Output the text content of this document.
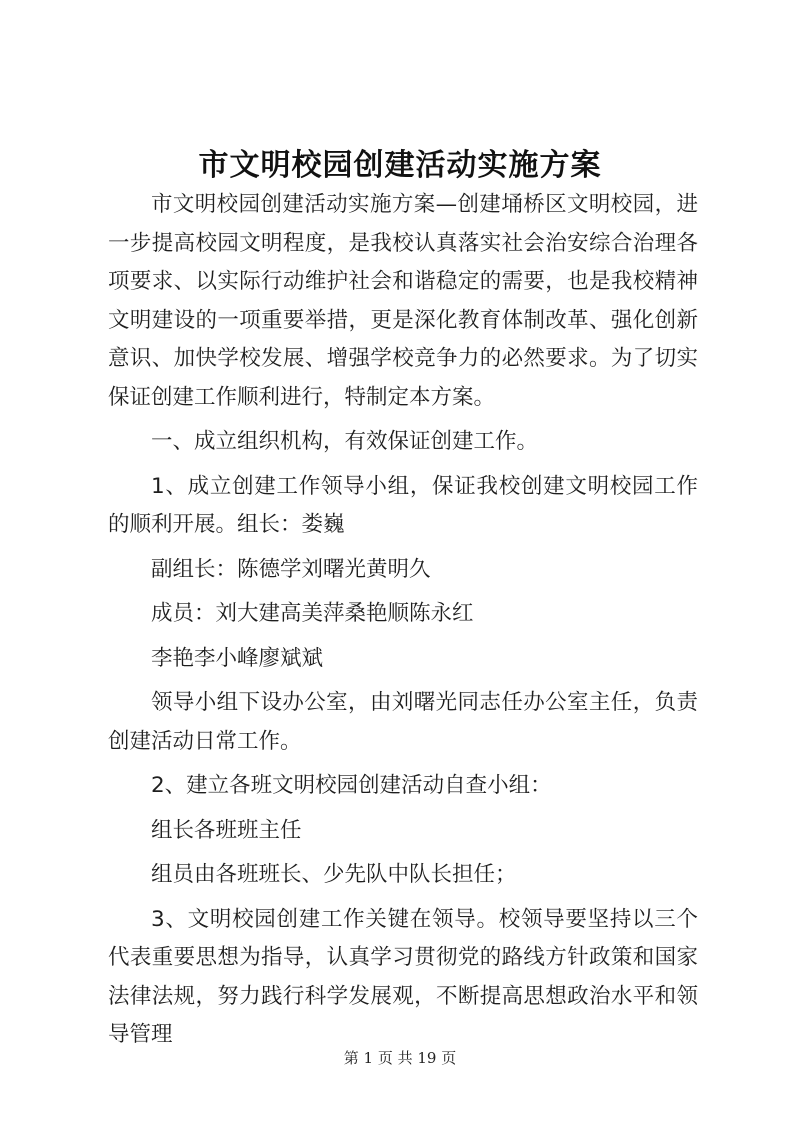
市文明校园创建活动实施方案

市文明校园创建活动实施方案—创建埇桥区文明校园，进一步提高校园文明程度，是我校认真落实社会治安综合治理各项要求、以实际行动维护社会和谐稳定的需要，也是我校精神文明建设的一项重要举措，更是深化教育体制改革、强化创新意识、加快学校发展、增强学校竞争力的必然要求。为了切实保证创建工作顺利进行，特制定本方案。

一、成立组织机构，有效保证创建工作。

1、成立创建工作领导小组，保证我校创建文明校园工作的顺利开展。组长：娄巍

副组长：陈德学刘曙光黄明久

成员：刘大建高美萍桑艳顺陈永红

李艳李小峰廖斌斌

领导小组下设办公室，由刘曙光同志任办公室主任，负责创建活动日常工作。

2、建立各班文明校园创建活动自查小组：

组长各班班主任

组员由各班班长、少先队中队长担任；

3、文明校园创建工作关键在领导。校领导要坚持以三个代表重要思想为指导，认真学习贯彻党的路线方针政策和国家法律法规，努力践行科学发展观，不断提高思想政治水平和领导管理

第 1 页 共 19 页
